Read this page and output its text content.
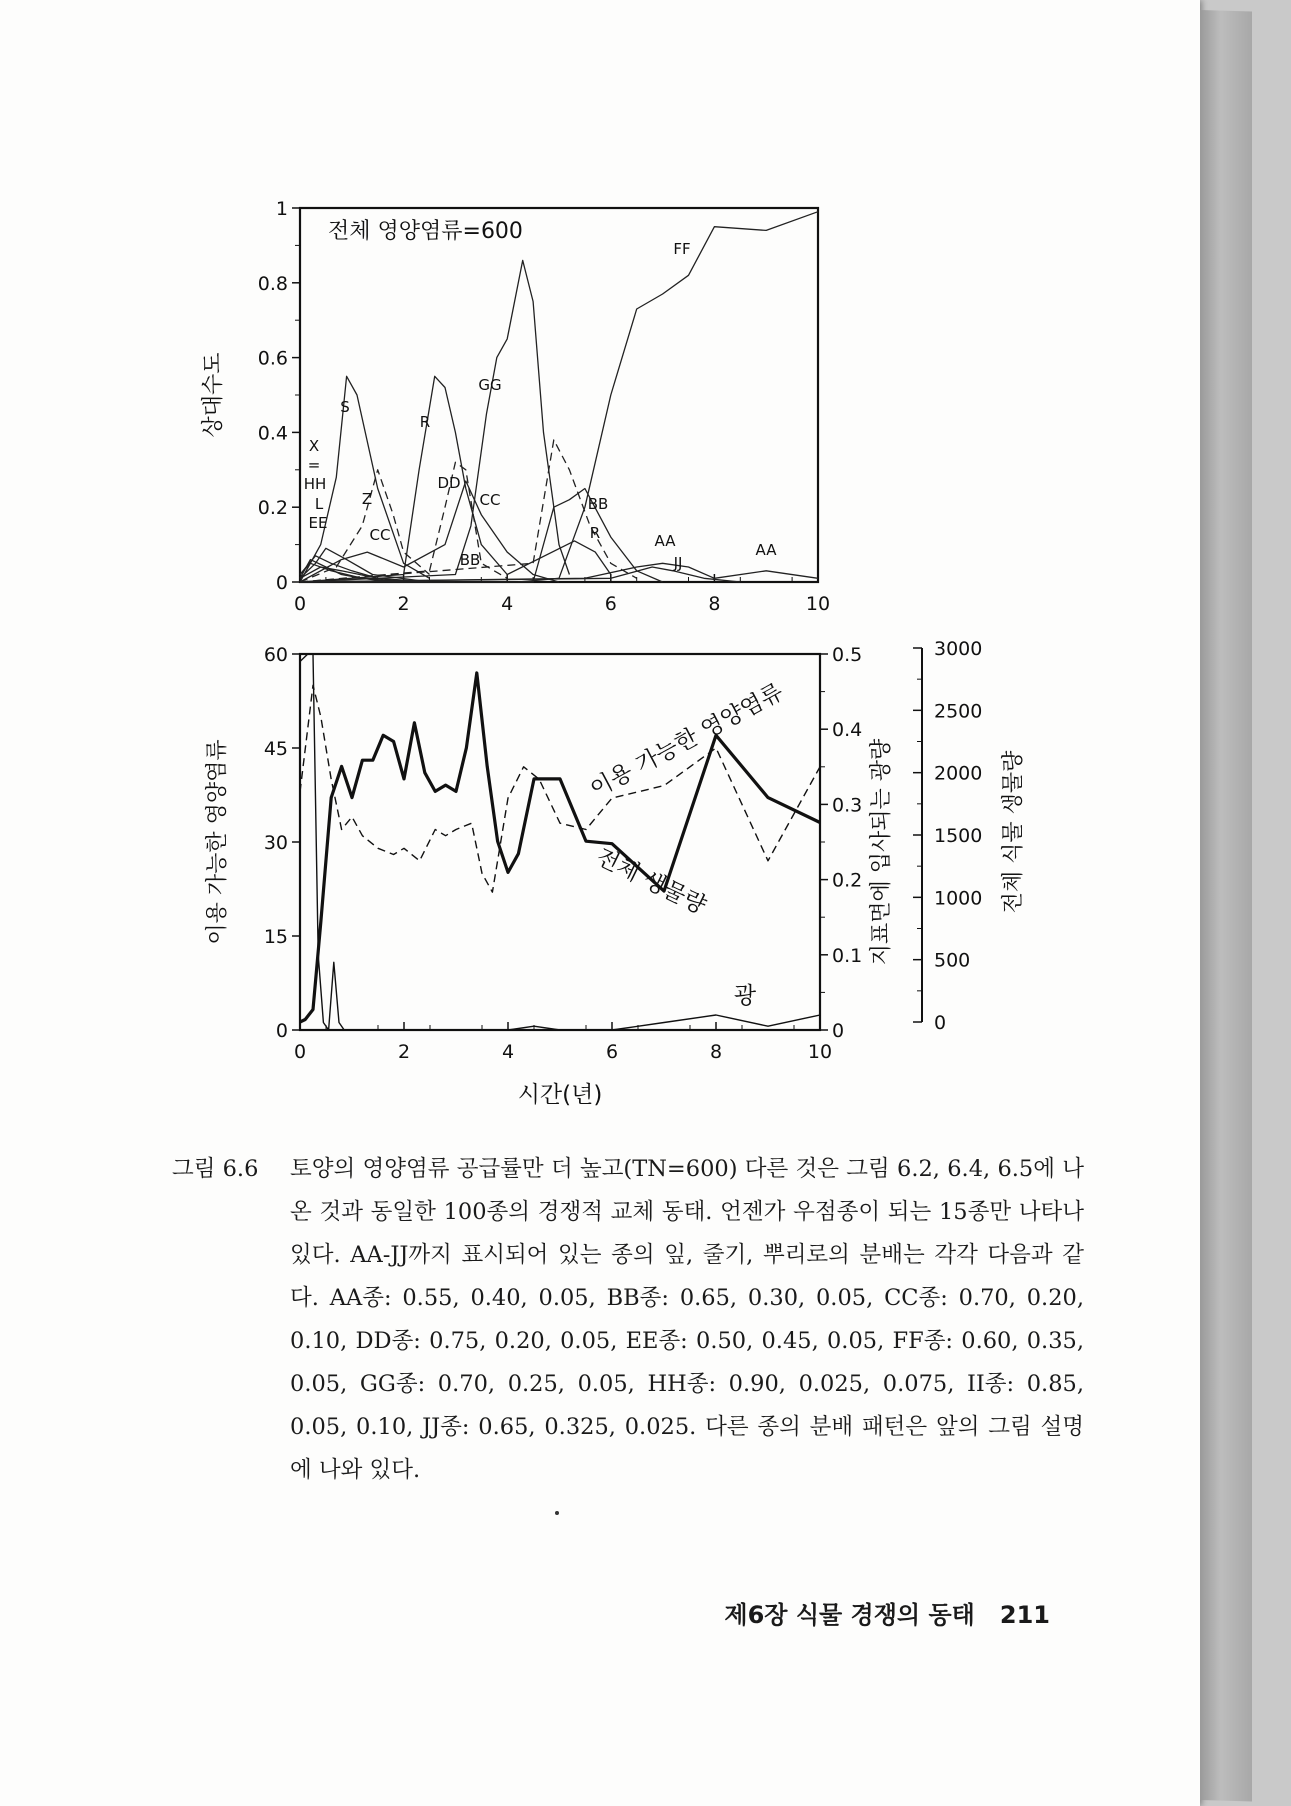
0	2	4	6	8	10
0
0.2
0.4
0.6
0.8
1
상대수도
전체 영양염류=600
S
R
GG
FF
X
=
HH
L
EE
Z
CC
DD
CC	BB
BB
R	AA
JJ
AA
0	2	4	6	8	10
0
15
30
45
60
0
0.1
0.2
0.3
0.4
0.5
0
500
1000
1500
2000
2500
3000
이용 가능한 영양염류	지표면에 입사되는 광량	전체 식물 생물량
시간(년)
이용 가능한 영양염류
전체 생물량
광
그림 6.6	토양의 영양염류 공급률만 더 높고(TN=600) 다른 것은 그림 6.2, 6.4, 6.5에 나온 것과 동일한 100종의 경쟁적 교체 동태. 언젠가 우점종이 되는 15종만 나타나 있다. AA-JJ까지 표시되어 있는 종의 잎, 줄기, 뿌리로의 분배는 각각 다음과 같다. AA종: 0.55, 0.40, 0.05, BB종: 0.65, 0.30, 0.05, CC종: 0.70, 0.20, 0.10, DD종: 0.75, 0.20, 0.05, EE종: 0.50, 0.45, 0.05, FF종: 0.60, 0.35, 0.05, GG종: 0.70, 0.25, 0.05, HH종: 0.90, 0.025, 0.075, II종: 0.85, 0.05, 0.10, JJ종: 0.65, 0.325, 0.025. 다른 종의 분배 패턴은 앞의 그림 설명에 나와 있다.
제6장 식물 경쟁의 동태 211
